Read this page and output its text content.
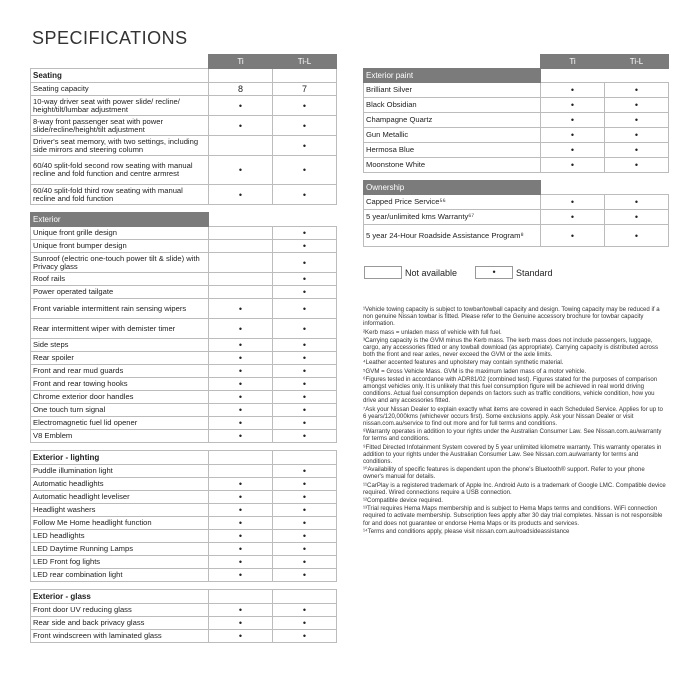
SPECIFICATIONS
	Ti	Ti-L
Seating		
Seating capacity	8	7
10-way driver seat with power slide/ recline/ height/tilt/lumbar adjustment	•	•
8-way front passenger seat with power slide/recline/height/tilt adjustment	•	•
Driver's seat memory, with two settings, including side mirrors and steering column		•
60/40 split-fold second row seating with manual recline and fold function and centre armrest	•	•
60/40 split-fold third row seating with manual recline and fold function	•	•

Exterior		
Unique front grille design		•
Unique front bumper design		•
Sunroof (electric one-touch power tilt & slide) with Privacy glass		•
Roof rails		•
Power operated tailgate		•
Front variable intermittent rain sensing wipers	•	•
Rear intermittent wiper with demister timer	•	•
Side steps	•	•
Rear spoiler	•	•
Front and rear mud guards	•	•
Front and rear towing hooks	•	•
Chrome exterior door handles	•	•
One touch turn signal	•	•
Electromagnetic fuel lid opener	•	•
V8 Emblem	•	•

Exterior - lighting		
Puddle illumination light		•
Automatic headlights	•	•
Automatic headlight leveliser	•	•
Headlight washers	•	•
Follow Me Home headlight function	•	•
LED headlights	•	•
LED Daytime Running Lamps	•	•
LED Front fog lights	•	•
LED rear combination light	•	•

Exterior - glass		
Front door UV reducing glass	•	•
Rear side and back privacy glass	•	•
Front windscreen with laminated glass	•	•
	Ti	Ti-L
Exterior paint		
Brilliant Silver	•	•
Black Obsidian	•	•
Champagne Quartz	•	•
Gun Metallic	•	•
Hermosa Blue	•	•
Moonstone White	•	•

Ownership		
Capped Price Service⁵⁶	•	•
5 year/unlimited kms Warranty⁶⁷	•	•
5 year 24-Hour Roadside Assistance Program⁸	•	•
Not available	•	Standard

¹Vehicle towing capacity is subject to towbar/towball capacity and design. Towing capacity may be reduced if a non genuine Nissan towbar is fitted. Please refer to the Genuine accessory brochure for towbar capacity information.

²Kerb mass = unladen mass of vehicle with full fuel.

³Carrying capacity is the GVM minus the Kerb mass. The kerb mass does not include passengers, luggage, cargo, any accessories fitted or any towball download (as appropriate). Carrying capacity is distributed across both the front and rear axles, never exceed the GVM or the axle limits.

⁴Leather accented features and upholstery may contain synthetic material.

⁵GVM = Gross Vehicle Mass. GVM is the maximum laden mass of a motor vehicle.

⁶Figures tested in accordance with ADR81/02 (combined test). Figures stated for the purposes of comparison amongst vehicles only. It is unlikely that this fuel consumption figure will be achieved in real world driving conditions. Actual fuel consumption depends on factors such as traffic conditions, vehicle condition, how you drive and any accessories fitted.

⁷Ask your Nissan Dealer to explain exactly what items are covered in each Scheduled Service. Applies for up to 6 years/120,000kms (whichever occurs first). Some exclusions apply. Ask your Nissan Dealer or visit nissan.com.au/service to find out more and for full terms and conditions.

⁸Warranty operates in addition to your rights under the Australian Consumer Law. See Nissan.com.au/warranty for terms and conditions.

⁹Fitted Directed Infotainment System covered by 5 year unlimited kilometre warranty. This warranty operates in addition to your rights under the Australian Consumer Law. See Nissan.com.au/warranty for terms and conditions.

¹⁰Availability of specific features is dependent upon the phone's Bluetooth® support. Refer to your phone owner's manual for details.

¹¹CarPlay is a registered trademark of Apple Inc. Android Auto is a trademark of Google LMC. Compatible device required. Wired connections require a USB connection.

¹²Compatible device required.

¹³Trial requires Hema Maps membership and is subject to Hema Maps terms and conditions. WiFi connection required to activate membership. Subscription fees apply after 30 day trial completes. Nissan is not responsible for and does not guarantee or endorse Hema Maps or its products and services.

¹⁴Terms and conditions apply, please visit nissan.com.au/roadsideassistance
